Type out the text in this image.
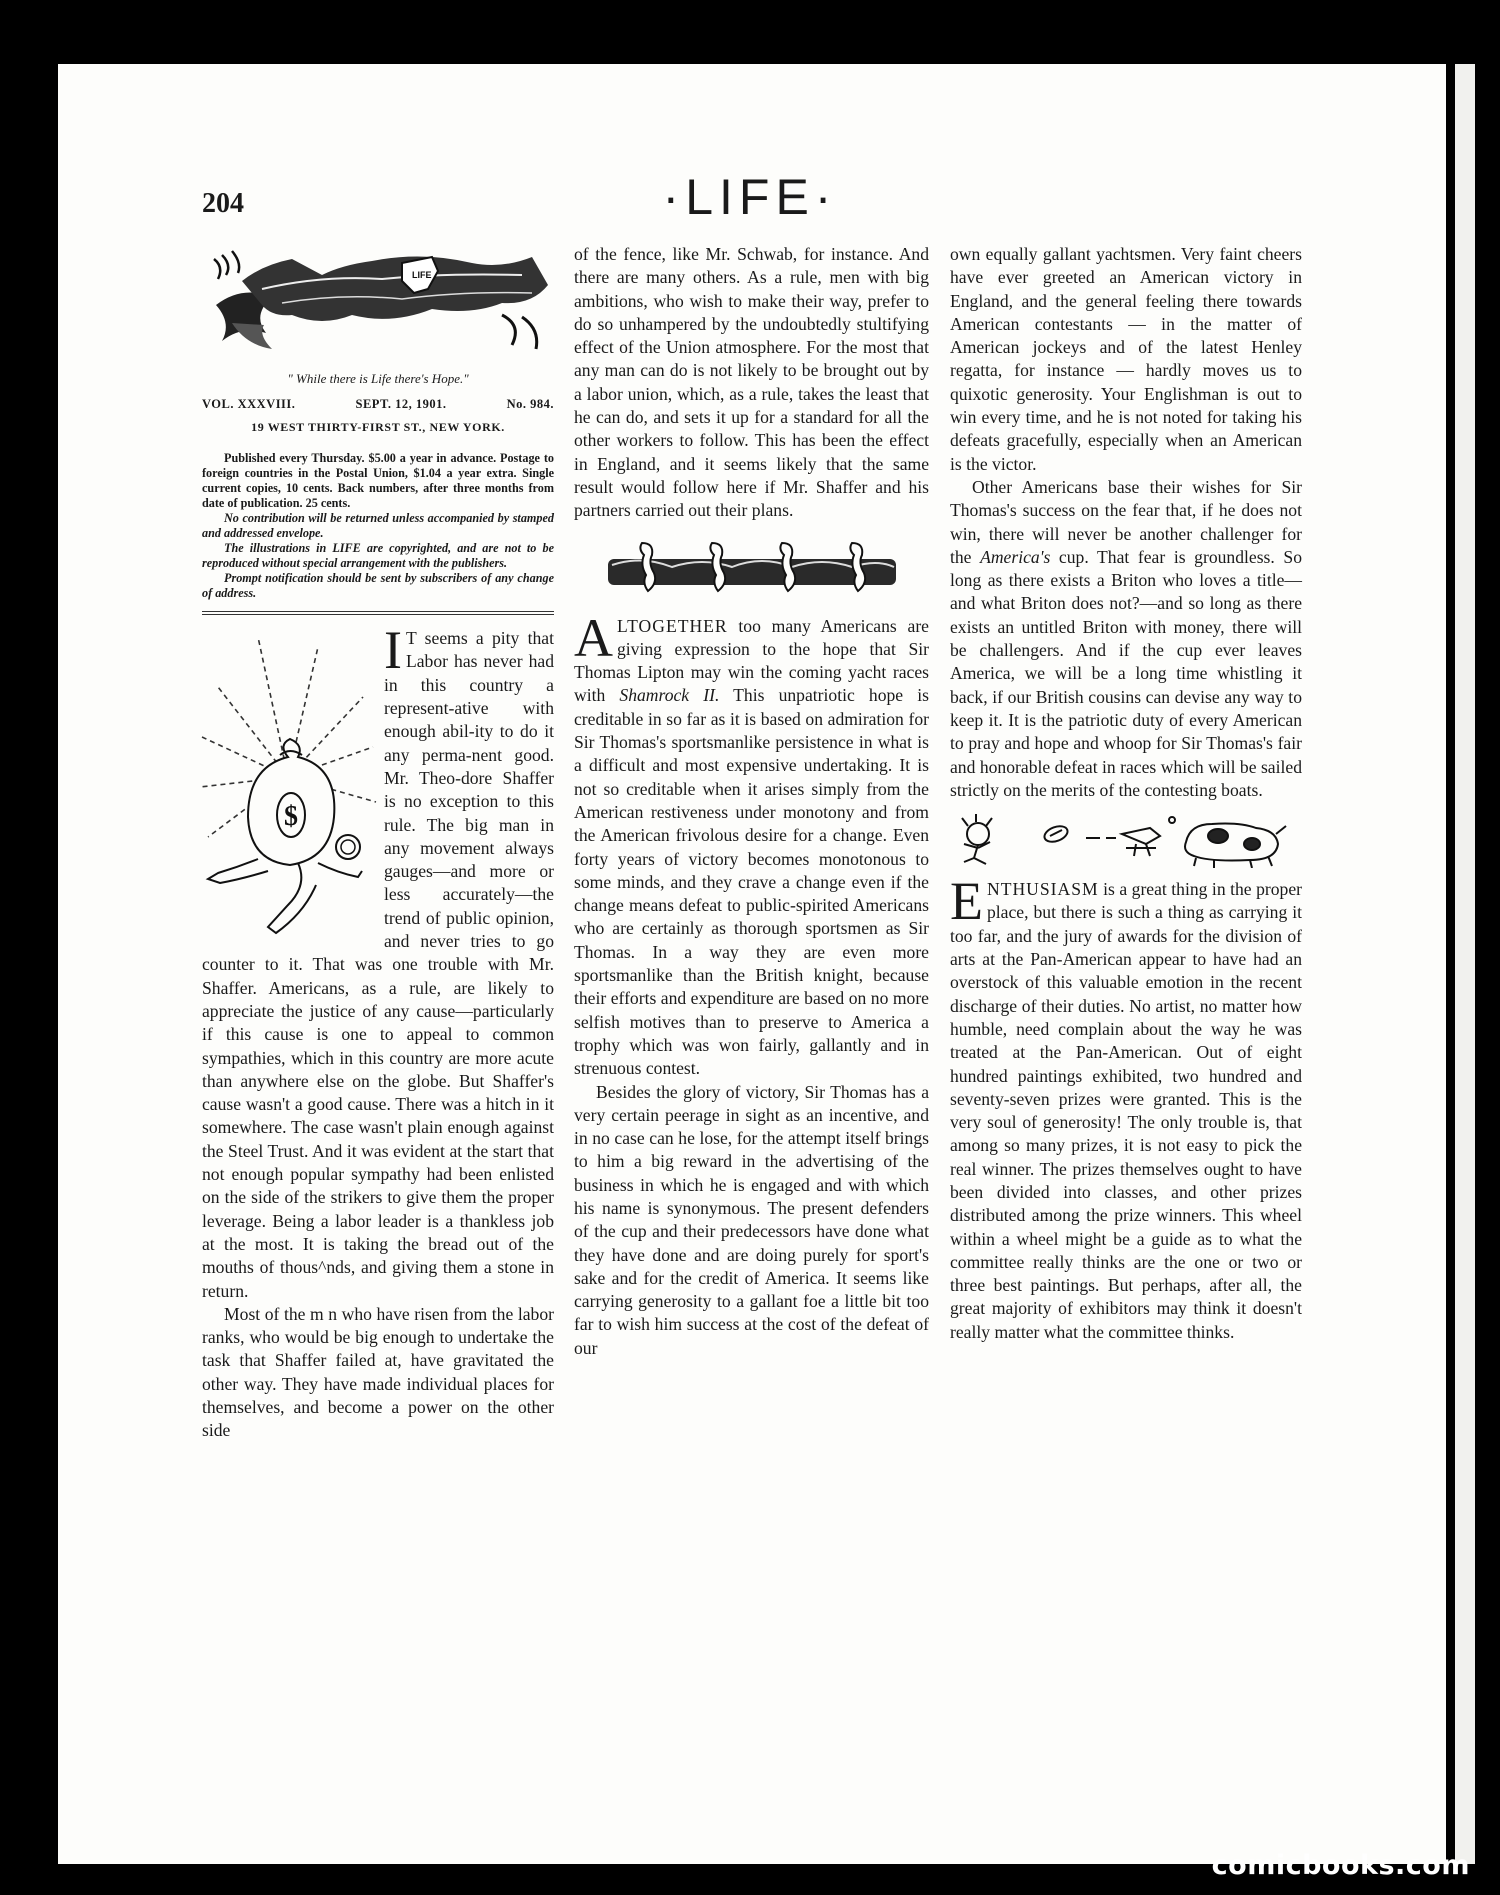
204	·LIFE·
LIFE
" While there is Life there's Hope."
VOL. XXXVIII.	SEPT. 12, 1901.	No. 984.
19 WEST THIRTY-FIRST ST., NEW YORK.

Published every Thursday. $5.00 a year in advance. Postage to foreign countries in the Postal Union, $1.04 a year extra. Single current copies, 10 cents. Back numbers, after three months from date of publication. 25 cents.

No contribution will be returned unless accompanied by stamped and addressed envelope.

The illustrations in LIFE are copyrighted, and are not to be reproduced without special arrangement with the publishers.

Prompt notification should be sent by subscribers of any change of address.

$

I T seems a pity that Labor has never had in this country a represent-ative with enough abil-ity to do it any perma-nent good. Mr. Theo-dore Shaffer is no exception to this rule. The big man in any movement always gauges—and more or less accurately—the trend of public opinion, and never tries to go counter to it. That was one trouble with Mr. Shaffer. Americans, as a rule, are likely to appreciate the justice of any cause—particularly if this cause is one to appeal to common sympathies, which in this country are more acute than anywhere else on the globe. But Shaffer's cause wasn't a good cause. There was a hitch in it somewhere. The case wasn't plain enough against the Steel Trust. And it was evident at the start that not enough popular sympathy had been enlisted on the side of the strikers to give them the proper leverage. Being a labor leader is a thankless job at the most. It is taking the bread out of the mouths of thous^nds, and giving them a stone in return.

Most of the m n who have risen from the labor ranks, who would be big enough to undertake the task that Shaffer failed at, have gravitated the other way. They have made individual places for themselves, and become a power on the other side

of the fence, like Mr. Schwab, for instance. And there are many others. As a rule, men with big ambitions, who wish to make their way, prefer to do so unhampered by the undoubtedly stultifying effect of the Union atmosphere. For the most that any man can do is not likely to be brought out by a labor union, which, as a rule, takes the least that he can do, and sets it up for a standard for all the other workers to follow. This has been the effect in England, and it seems likely that the same result would follow here if Mr. Shaffer and his partners carried out their plans.

ALTOGETHER too many Americans are giving expression to the hope that Sir Thomas Lipton may win the coming yacht races with Shamrock II. This unpatriotic hope is creditable in so far as it is based on admiration for Sir Thomas's sportsmanlike persistence in what is a difficult and most expensive undertaking. It is not so creditable when it arises simply from the American restiveness under monotony and from the American frivolous desire for a change. Even forty years of victory becomes monotonous to some minds, and they crave a change even if the change means defeat to public-spirited Americans who are certainly as thorough sportsmen as Sir Thomas. In a way they are even more sportsmanlike than the British knight, because their efforts and expenditure are based on no more selfish motives than to preserve to America a trophy which was won fairly, gallantly and in strenuous contest.

Besides the glory of victory, Sir Thomas has a very certain peerage in sight as an incentive, and in no case can he lose, for the attempt itself brings to him a big reward in the advertising of the business in which he is engaged and with which his name is synonymous. The present defenders of the cup and their predecessors have done what they have done and are doing purely for sport's sake and for the credit of America. It seems like carrying generosity to a gallant foe a little bit too far to wish him success at the cost of the defeat of our

own equally gallant yachtsmen. Very faint cheers have ever greeted an American victory in England, and the general feeling there towards American contestants — in the matter of American jockeys and of the latest Henley regatta, for instance — hardly moves us to quixotic generosity. Your Englishman is out to win every time, and he is not noted for taking his defeats gracefully, especially when an American is the victor.

Other Americans base their wishes for Sir Thomas's success on the fear that, if he does not win, there will never be another challenger for the America's cup. That fear is groundless. So long as there exists a Briton who loves a title—and what Briton does not?—and so long as there exists an untitled Briton with money, there will be challengers. And if the cup ever leaves America, we will be a long time whistling it back, if our British cousins can devise any way to keep it. It is the patriotic duty of every American to pray and hope and whoop for Sir Thomas's fair and honorable defeat in races which will be sailed strictly on the merits of the contesting boats.

ENTHUSIASM is a great thing in the proper place, but there is such a thing as carrying it too far, and the jury of awards for the division of arts at the Pan-American appear to have had an overstock of this valuable emotion in the recent discharge of their duties. No artist, no matter how humble, need complain about the way he was treated at the Pan-American. Out of eight hundred paintings exhibited, two hundred and seventy-seven prizes were granted. This is the very soul of generosity! The only trouble is, that among so many prizes, it is not easy to pick the real winner. The prizes themselves ought to have been divided into classes, and other prizes distributed among the prize winners. This wheel within a wheel might be a guide as to what the committee really thinks are the one or two or three best paintings. But perhaps, after all, the great majority of exhibitors may think it doesn't really matter what the committee thinks.

comicbooks.com
